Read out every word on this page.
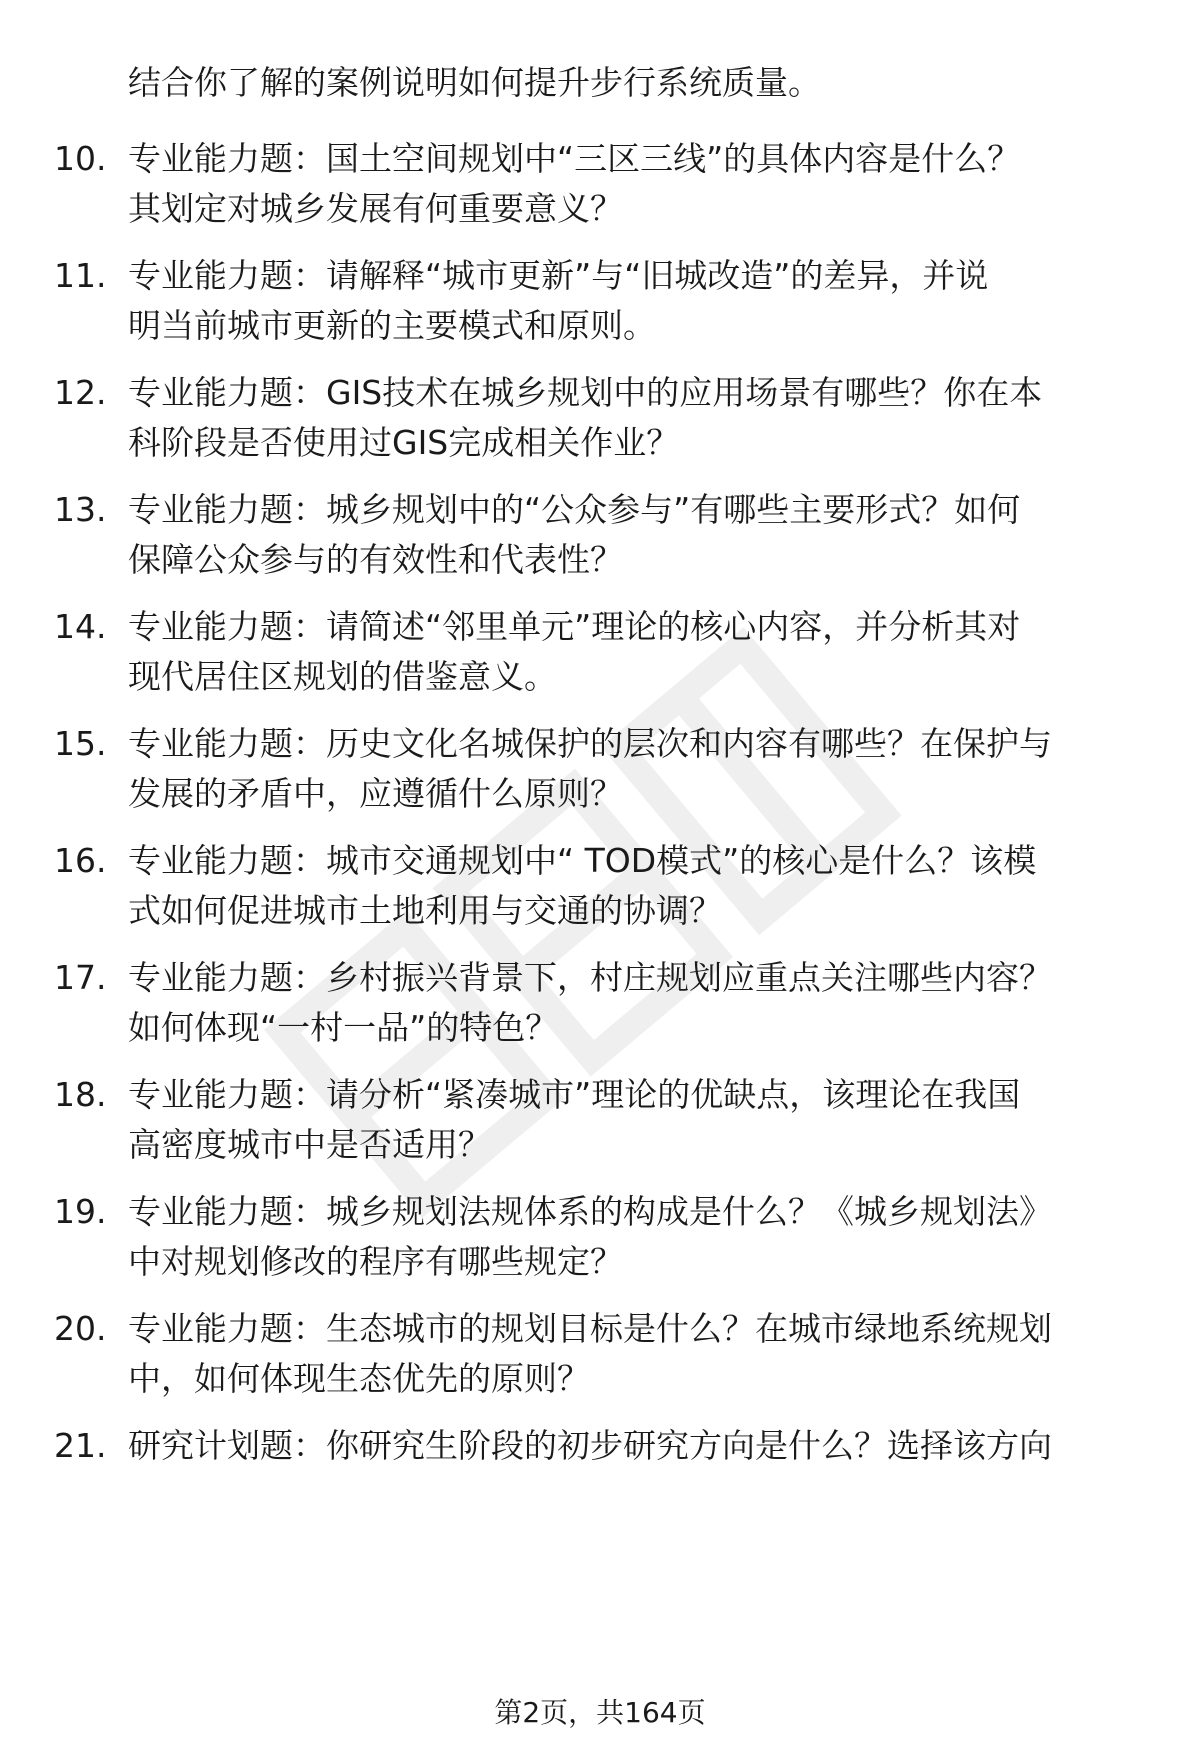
结合你了解的案例说明如何提升步行系统质量。

10. 专业能力题：国土空间规划中“三区三线”的具体内容是什么？
其划定对城乡发展有何重要意义？
11. 专业能力题：请解释“城市更新”与“旧城改造”的差异，并说
明当前城市更新的主要模式和原则。
12. 专业能力题：GIS技术在城乡规划中的应用场景有哪些？你在本
科阶段是否使用过GIS完成相关作业？
13. 专业能力题：城乡规划中的“公众参与”有哪些主要形式？如何
保障公众参与的有效性和代表性？
14. 专业能力题：请简述“邻里单元”理论的核心内容，并分析其对
现代居住区规划的借鉴意义。
15. 专业能力题：历史文化名城保护的层次和内容有哪些？在保护与
发展的矛盾中，应遵循什么原则？
16. 专业能力题：城市交通规划中“ TOD模式”的核心是什么？该模
式如何促进城市土地利用与交通的协调？
17. 专业能力题：乡村振兴背景下，村庄规划应重点关注哪些内容？
如何体现“一村一品”的特色？
18. 专业能力题：请分析“紧凑城市”理论的优缺点，该理论在我国
高密度城市中是否适用？
19. 专业能力题：城乡规划法规体系的构成是什么？《城乡规划法》
中对规划修改的程序有哪些规定？
20. 专业能力题：生态城市的规划目标是什么？在城市绿地系统规划
中，如何体现生态优先的原则？
21. 研究计划题：你研究生阶段的初步研究方向是什么？选择该方向
第2页，共164页
